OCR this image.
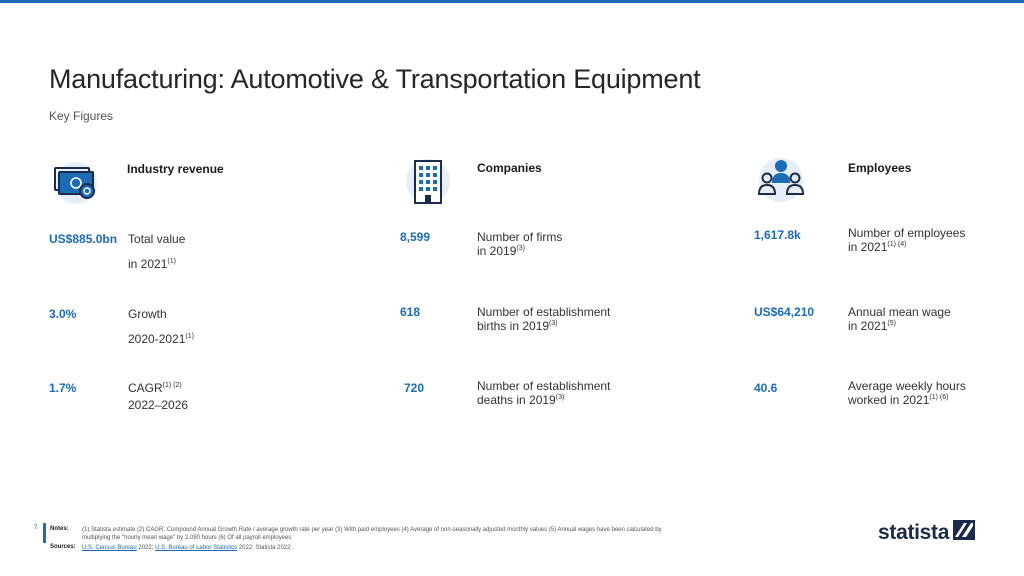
Manufacturing: Automotive & Transportation Equipment
Key Figures
Industry revenue
US$885.0bn Total value
in 2021$^{(1)}$
3.0%	Growth
2020-2021$^{(1)}$
1.7%	$CAGR^{(1) (2)}$
2022–2026
Companies
8,599	Number of firms
in 2019$^{(3)}$
618	Number of establishment
births in 2019$^{(3)}$
720	Number of establishment
deaths in 2019$^{(3)}$
Employees
1,617.8k	Number of employees
in $2021^{(1) (4)}$
US$64,210	Annual mean wage
in 2021$^{(5)}$
40.6	Average weekly hours
worked in $2021^{(1) (6)}$
7 Notes: (1) Statista estimate (2) CAGR: Compound Annual Growth Rate / average growth rate per year (3) With paid employees (4) Average of non-seasonally adjusted monthly values (5) Annual wages have been calculated by
multiplying the "hourly mean wage" by 2,080 hours (6) Of all payroll employees
Sources: U.S. Census Bureau 2022; U.S. Bureau of Labor Statistics 2022; Statista 2022
statista
